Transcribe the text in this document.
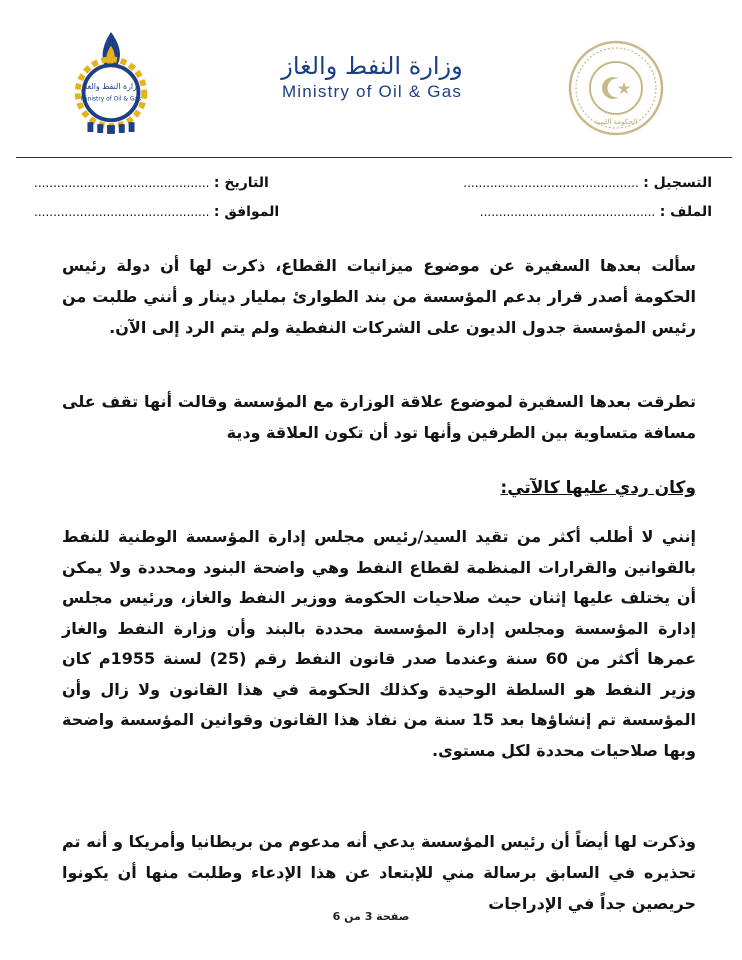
وزارة النفط والغاز
Ministry of Oil & Gas
وزارة النفط والغاز
Ministry of Oil & Gas
الحكومة الليبية
التسجيل : ..............................................
الملف : ..............................................
التاريخ : ..............................................
الموافق : ..............................................
سألت بعدها السفيرة عن موضوع ميزانيات القطاع، ذكرت لها أن دولة رئيس الحكومة أصدر قرار بدعم المؤسسة من بند الطوارئ بمليار دينار و أنني طلبت من رئيس المؤسسة جدول الديون على الشركات النفطية ولم يتم الرد إلى الآن.
تطرقت بعدها السفيرة لموضوع علاقة الوزارة مع المؤسسة وقالت أنها تقف على مسافة متساوية بين الطرفين وأنها تود أن تكون العلاقة ودية
وكان ردي عليها كالآتي:
إنني لا أطلب أكثر من تقيد السيد/رئيس مجلس إدارة المؤسسة الوطنية للنفط بالقوانين والقرارات المنظمة لقطاع النفط وهي واضحة البنود ومحددة ولا يمكن أن يختلف عليها إثنان حيث صلاحيات الحكومة ووزير النفط والغاز، ورئيس مجلس إدارة المؤسسة ومجلس إدارة المؤسسة محددة بالبند وأن وزارة النفط والغاز عمرها أكثر من 60 سنة وعندما صدر قانون النفط رقم (25) لسنة 1955م كان وزير النفط هو السلطة الوحيدة وكذلك الحكومة في هذا القانون ولا زال وأن المؤسسة تم إنشاؤها بعد 15 سنة من نفاذ هذا القانون وقوانين المؤسسة واضحة وبها صلاحيات محددة لكل مستوى.
وذكرت لها أيضاً أن رئيس المؤسسة يدعي أنه مدعوم من بريطانيا وأمريكا و أنه تم تحذيره في السابق برسالة مني للإبتعاد عن هذا الإدعاء وطلبت منها أن يكونوا حريصين جداً في الإدراجات
صفحة 3 من 6
